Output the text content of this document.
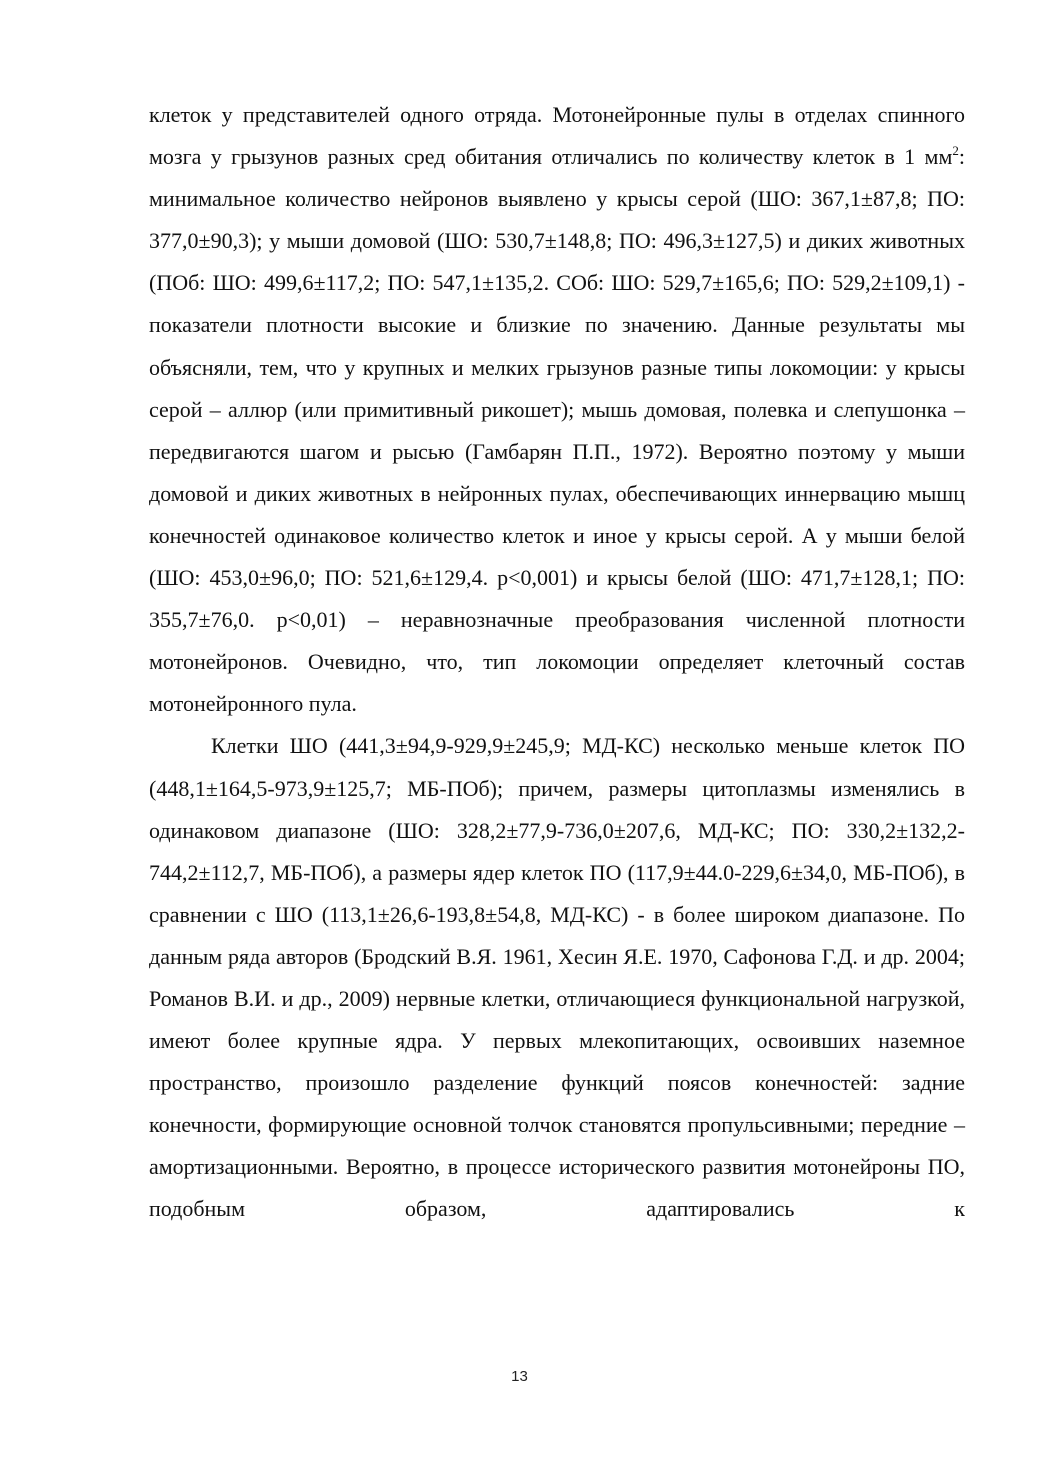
клеток у представителей одного отряда. Мотонейронные пулы в отделах спинного мозга у грызунов разных сред обитания отличались по количеству клеток в 1 $мм^2$: минимальное количество нейронов выявлено у крысы серой (ШО: 367,1±87,8; ПО: 377,0±90,3); у мыши домовой (ШО: 530,7±148,8; ПО: 496,3±127,5) и диких животных (ПОб: ШО: 499,6±117,2; ПО: 547,1±135,2. СОб: ШО: 529,7±165,6; ПО: 529,2±109,1) - показатели плотности высокие и близкие по значению. Данные результаты мы объясняли, тем, что у крупных и мелких грызунов разные типы локомоции: у крысы серой – аллюр (или примитивный рикошет); мышь домовая, полевка и слепушонка – передвигаются шагом и рысью (Гамбарян П.П., 1972). Вероятно поэтому у мыши домовой и диких животных в нейронных пулах, обеспечивающих иннервацию мышц конечностей одинаковое количество клеток и иное у крысы серой. А у мыши белой (ШО: 453,0±96,0; ПО: 521,6±129,4. p<0,001) и крысы белой (ШО: 471,7±128,1; ПО: 355,7±76,0. p<0,01) – неравнозначные преобразования численной плотности мотонейронов. Очевидно, что, тип локомоции определяет клеточный состав мотонейронного пула.

Клетки ШО (441,3±94,9-929,9±245,9; МД-КС) несколько меньше клеток ПО (448,1±164,5-973,9±125,7; МБ-ПОб); причем, размеры цитоплазмы изменялись в одинаковом диапазоне (ШО: 328,2±77,9-736,0±207,6, МД-КС; ПО: 330,2±132,2-744,2±112,7, МБ-ПОб), а размеры ядер клеток ПО (117,9±44.0-229,6±34,0, МБ-ПОб), в сравнении с ШО (113,1±26,6-193,8±54,8, МД-КС) - в более широком диапазоне. По данным ряда авторов (Бродский В.Я. 1961, Хесин Я.Е. 1970, Сафонова Г.Д. и др. 2004; Романов В.И. и др., 2009) нервные клетки, отличающиеся функциональной нагрузкой, имеют более крупные ядра. У первых млекопитающих, освоивших наземное пространство, произошло разделение функций поясов конечностей: задние конечности, формирующие основной толчок становятся пропульсивными; передние – амортизационными. Вероятно, в процессе исторического развития мотонейроны ПО, подобным образом, адаптировались к

13
